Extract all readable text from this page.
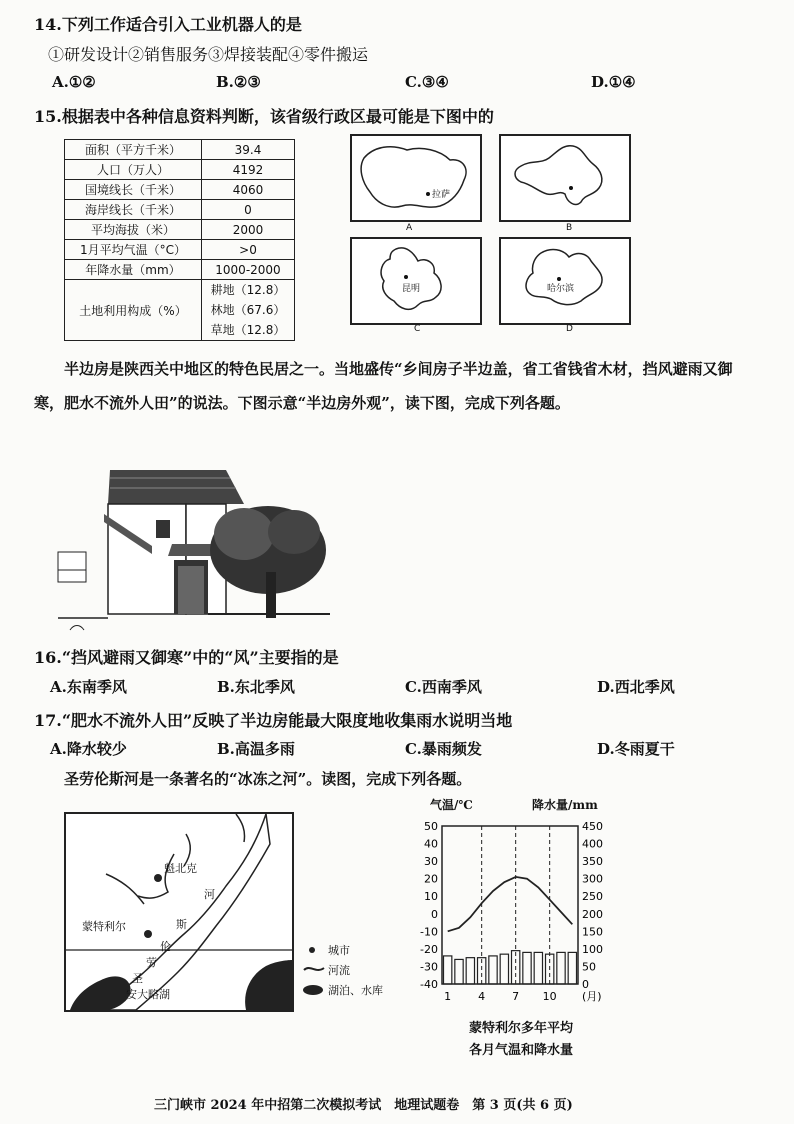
14.下列工作适合引入工业机器人的是
①研发设计②销售服务③焊接装配④零件搬运
A.①②	B.②③	C.③④	D.①④
15.根据表中各种信息资料判断，该省级行政区最可能是下图中的
面积（平方千米）	39.4
人口（万人）	4192
国境线长（千米）	4060
海岸线长（千米）	0
平均海拔（米）	2000
1月平均气温（°C）	>0
年降水量（mm）	1000-2000
土地利用构成（%）	耕地（12.8）
林地（67.6）
草地（12.8）
拉萨
A	B
昆明
C
哈尔滨
D
半边房是陕西关中地区的特色民居之一。当地盛传“乡间房子半边盖，省工省钱省木材，挡风避雨又御寒，肥水不流外人田”的说法。下图示意“半边房外观”，读下图，完成下列各题。
16.“挡风避雨又御寒”中的“风”主要指的是
A.东南季风	B.东北季风	C.西南季风	D.西北季风
17.“肥水不流外人田”反映了半边房能最大限度地收集雨水说明当地
A.降水较少	B.高温多雨	C.暴雨频发	D.冬雨夏干
圣劳伦斯河是一条著名的“冰冻之河”。读图，完成下列各题。
魁北克
河
斯
蒙特利尔
伦
劳
圣
安大略湖
城市
河流
湖泊、水库
气温/℃	降水量/mm
50
40
30
20
10
0
-10
-20
-30
-40
450
400
350
300
250
200
150
100
50
0
1 4 7 10 (月)
蒙特利尔多年平均
各月气温和降水量
三门峡市 2024 年中招第二次模拟考试　地理试题卷　第 3 页(共 6 页)
